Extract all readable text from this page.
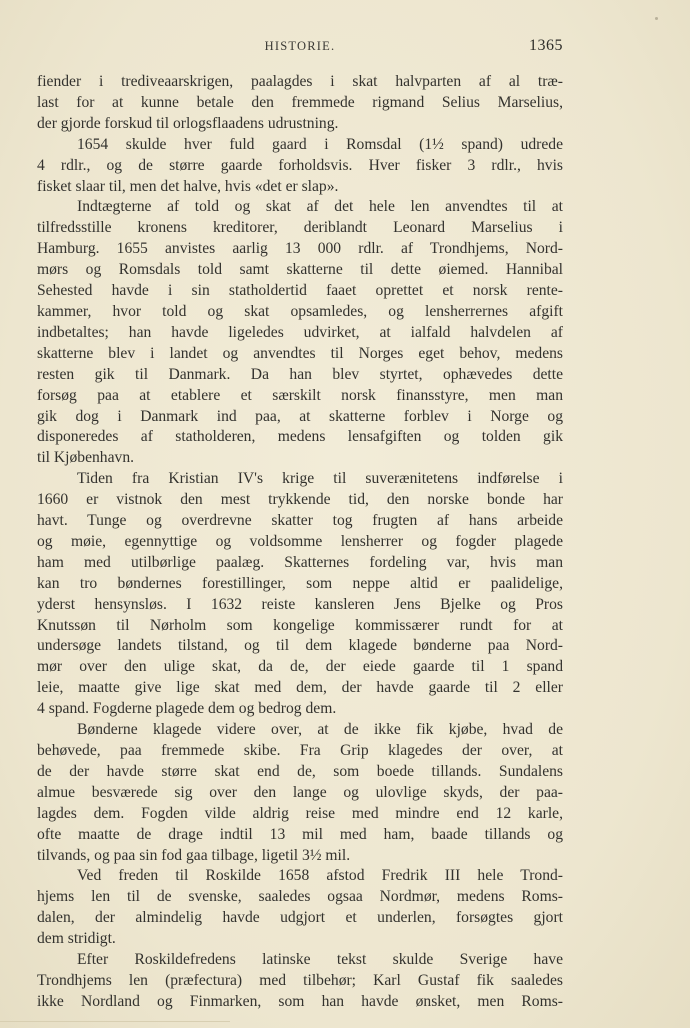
HISTORIE.	1365
fiender i trediveaarskrigen, paalagdes i skat halvparten af al træ-
last for at kunne betale den fremmede rigmand Selius Marselius,
der gjorde forskud til orlogsflaadens udrustning.
1654 skulde hver fuld gaard i Romsdal (1½ spand) udrede
4 rdlr., og de større gaarde forholdsvis. Hver fisker 3 rdlr., hvis
fisket slaar til, men det halve, hvis «det er slap».
Indtægterne af told og skat af det hele len anvendtes til at
tilfredsstille kronens kreditorer, deriblandt Leonard Marselius i
Hamburg. 1655 anvistes aarlig 13 000 rdlr. af Trondhjems, Nord-
mørs og Romsdals told samt skatterne til dette øiemed. Hannibal
Sehested havde i sin statholdertid faaet oprettet et norsk rente-
kammer, hvor told og skat opsamledes, og lensherrernes afgift
indbetaltes; han havde ligeledes udvirket, at ialfald halvdelen af
skatterne blev i landet og anvendtes til Norges eget behov, medens
resten gik til Danmark. Da han blev styrtet, ophævedes dette
forsøg paa at etablere et særskilt norsk finansstyre, men man
gik dog i Danmark ind paa, at skatterne forblev i Norge og
disponeredes af statholderen, medens lensafgiften og tolden gik
til Kjøbenhavn.
Tiden fra Kristian IV's krige til suverænitetens indførelse i
1660 er vistnok den mest trykkende tid, den norske bonde har
havt. Tunge og overdrevne skatter tog frugten af hans arbeide
og møie, egennyttige og voldsomme lensherrer og fogder plagede
ham med utilbørlige paalæg. Skatternes fordeling var, hvis man
kan tro bøndernes forestillinger, som neppe altid er paalidelige,
yderst hensynsløs. I 1632 reiste kansleren Jens Bjelke og Pros
Knutssøn til Nørholm som kongelige kommissærer rundt for at
undersøge landets tilstand, og til dem klagede bønderne paa Nord-
mør over den ulige skat, da de, der eiede gaarde til 1 spand
leie, maatte give lige skat med dem, der havde gaarde til 2 eller
4 spand. Fogderne plagede dem og bedrog dem.
Bønderne klagede videre over, at de ikke fik kjøbe, hvad de
behøvede, paa fremmede skibe. Fra Grip klagedes der over, at
de der havde større skat end de, som boede tillands. Sundalens
almue besværede sig over den lange og ulovlige skyds, der paa-
lagdes dem. Fogden vilde aldrig reise med mindre end 12 karle,
ofte maatte de drage indtil 13 mil med ham, baade tillands og
tilvands, og paa sin fod gaa tilbage, ligetil 3½ mil.
Ved freden til Roskilde 1658 afstod Fredrik III hele Trond-
hjems len til de svenske, saaledes ogsaa Nordmør, medens Roms-
dalen, der almindelig havde udgjort et underlen, forsøgtes gjort
dem stridigt.
Efter Roskildefredens latinske tekst skulde Sverige have
Trondhjems len (præfectura) med tilbehør; Karl Gustaf fik saaledes
ikke Nordland og Finmarken, som han havde ønsket, men Roms-
